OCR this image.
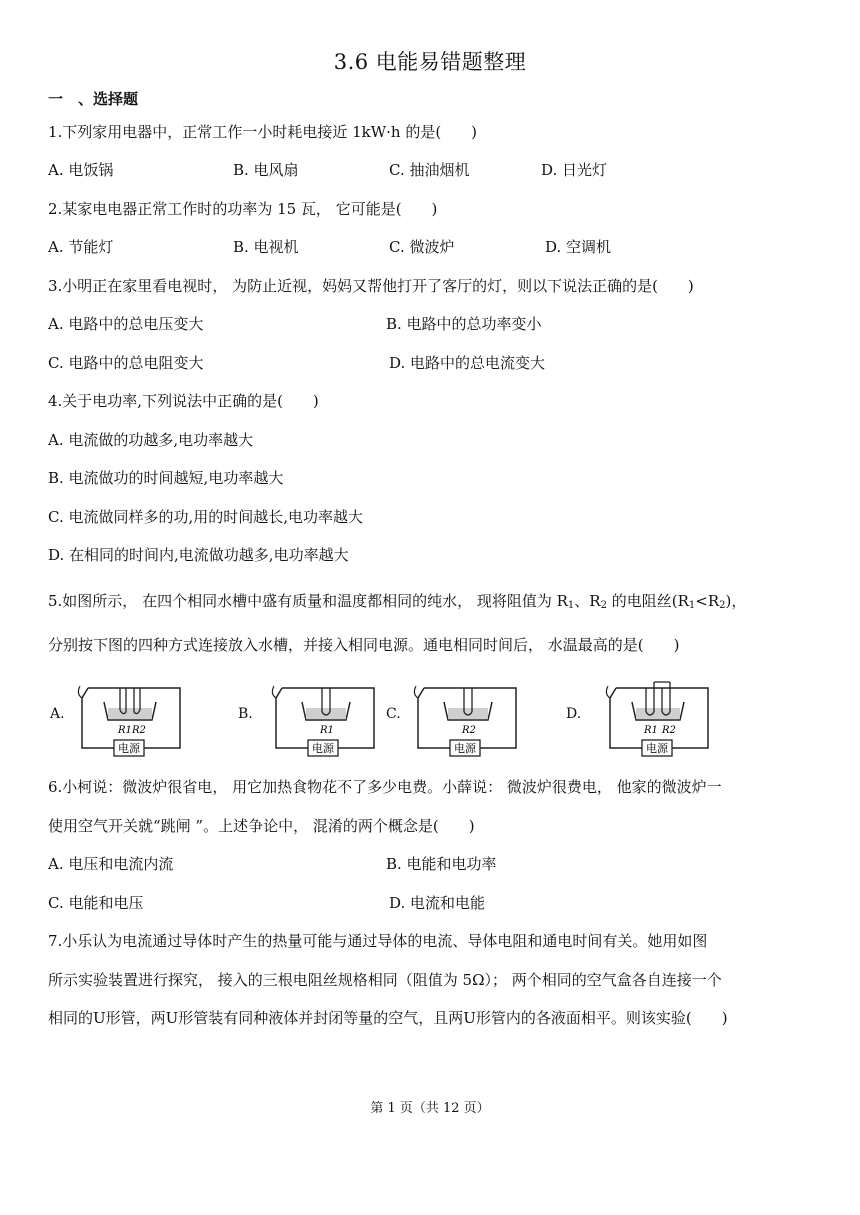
3.6 电能易错题整理
一　、选择题
1.下列家用电器中，正常工作一小时耗电接近 1kW·h 的是(　　)
A. 电饭锅	B. 电风扇	C. 抽油烟机	D. 日光灯
2.某家电电器正常工作时的功率为 15 瓦， 它可能是(　　)
A. 节能灯	B. 电视机	C. 微波炉	D. 空调机
3.小明正在家里看电视时， 为防止近视，妈妈又帮他打开了客厅的灯，则以下说法正确的是(　　)
A. 电路中的总电压变大	B. 电路中的总功率变小
C. 电路中的总电阻变大	D. 电路中的总电流变大
4.关于电功率,下列说法中正确的是(　　)
A. 电流做的功越多,电功率越大
B. 电流做功的时间越短,电功率越大
C. 电流做同样多的功,用的时间越长,电功率越大
D. 在相同的时间内,电流做功越多,电功率越大
5.如图所示， 在四个相同水槽中盛有质量和温度都相同的纯水， 现将阻值为 $R_1$、$R_2$ 的电阻丝$(R_1<R_2)$，
分别按下图的四种方式连接放入水槽，并接入相同电源。通电相同时间后， 水温最高的是(　　)
A.
R1 R2
电源
B.
R1
电源
C.
R2
电源
D.
R1 R2
电源
6.小柯说：微波炉很省电， 用它加热食物花不了多少电费。小薛说： 微波炉很费电， 他家的微波炉一
使用空气开关就“跳闸 ”。上述争论中， 混淆的两个概念是(　　)
A. 电压和电流内流	B. 电能和电功率
C. 电能和电压	D. 电流和电能
7.小乐认为电流通过导体时产生的热量可能与通过导体的电流、导体电阻和通电时间有关。她用如图
所示实验装置进行探究， 接入的三根电阻丝规格相同（阻值为 5Ω）； 两个相同的空气盒各自连接一个
相同的U形管，两U形管装有同种液体并封闭等量的空气，且两U形管内的各液面相平。则该实验(　　)
第 1 页（共 12 页）
